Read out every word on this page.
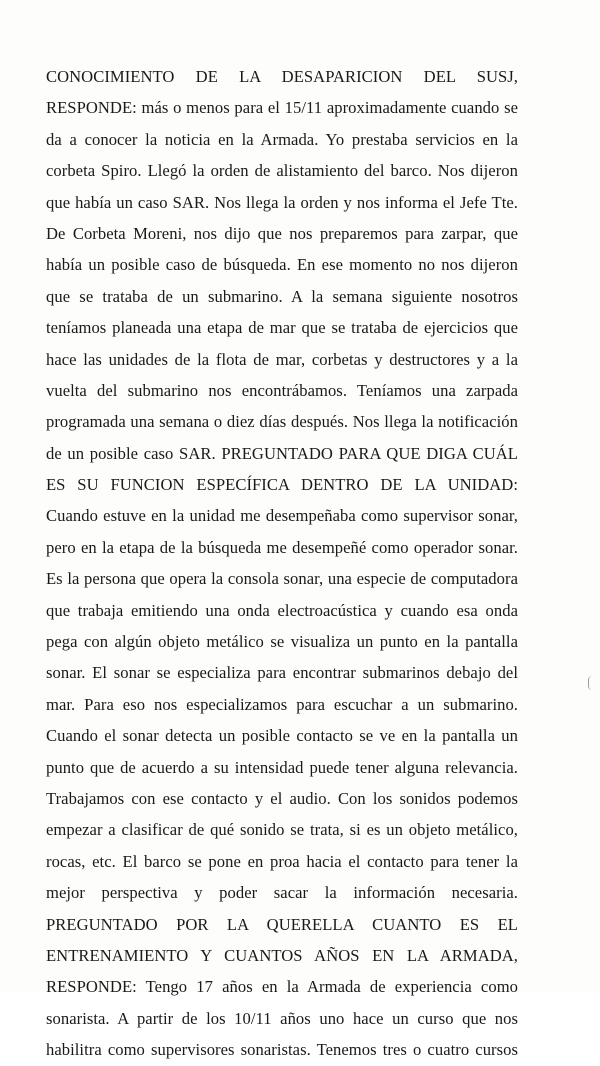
CONOCIMIENTO DE LA DESAPARICION DEL SUSJ,
RESPONDE: más o menos para el 15/11 aproximadamente cuando se
da a conocer la noticia en la Armada. Yo prestaba servicios en la
corbeta Spiro. Llegó la orden de alistamiento del barco. Nos dijeron
que había un caso SAR. Nos llega la orden y nos informa el Jefe Tte.
De Corbeta Moreni, nos dijo que nos preparemos para zarpar, que
había un posible caso de búsqueda. En ese momento no nos dijeron
que se trataba de un submarino. A la semana siguiente nosotros
teníamos planeada una etapa de mar que se trataba de ejercicios que
hace las unidades de la flota de mar, corbetas y destructores y a la
vuelta del submarino nos encontrábamos. Teníamos una zarpada
programada una semana o diez días después. Nos llega la notificación
de un posible caso SAR. PREGUNTADO PARA QUE DIGA CUÁL
ES SU FUNCION ESPECÍFICA DENTRO DE LA UNIDAD:
Cuando estuve en la unidad me desempeñaba como supervisor sonar,
pero en la etapa de la búsqueda me desempeñé como operador sonar.
Es la persona que opera la consola sonar, una especie de computadora
que trabaja emitiendo una onda electroacústica y cuando esa onda
pega con algún objeto metálico se visualiza un punto en la pantalla
sonar. El sonar se especializa para encontrar submarinos debajo del
mar. Para eso nos especializamos para escuchar a un submarino.
Cuando el sonar detecta un posible contacto se ve en la pantalla un
punto que de acuerdo a su intensidad puede tener alguna relevancia.
Trabajamos con ese contacto y el audio. Con los sonidos podemos
empezar a clasificar de qué sonido se trata, si es un objeto metálico,
rocas, etc. El barco se pone en proa hacia el contacto para tener la
mejor perspectiva y poder sacar la información necesaria.
PREGUNTADO POR LA QUERELLA CUANTO ES EL
ENTRENAMIENTO Y CUANTOS AÑOS EN LA ARMADA,
RESPONDE: Tengo 17 años en la Armada de experiencia como
sonarista. A partir de los 10/11 años uno hace un curso que nos
habilitra como supervisores sonaristas. Tenemos tres o cuatro cursos
